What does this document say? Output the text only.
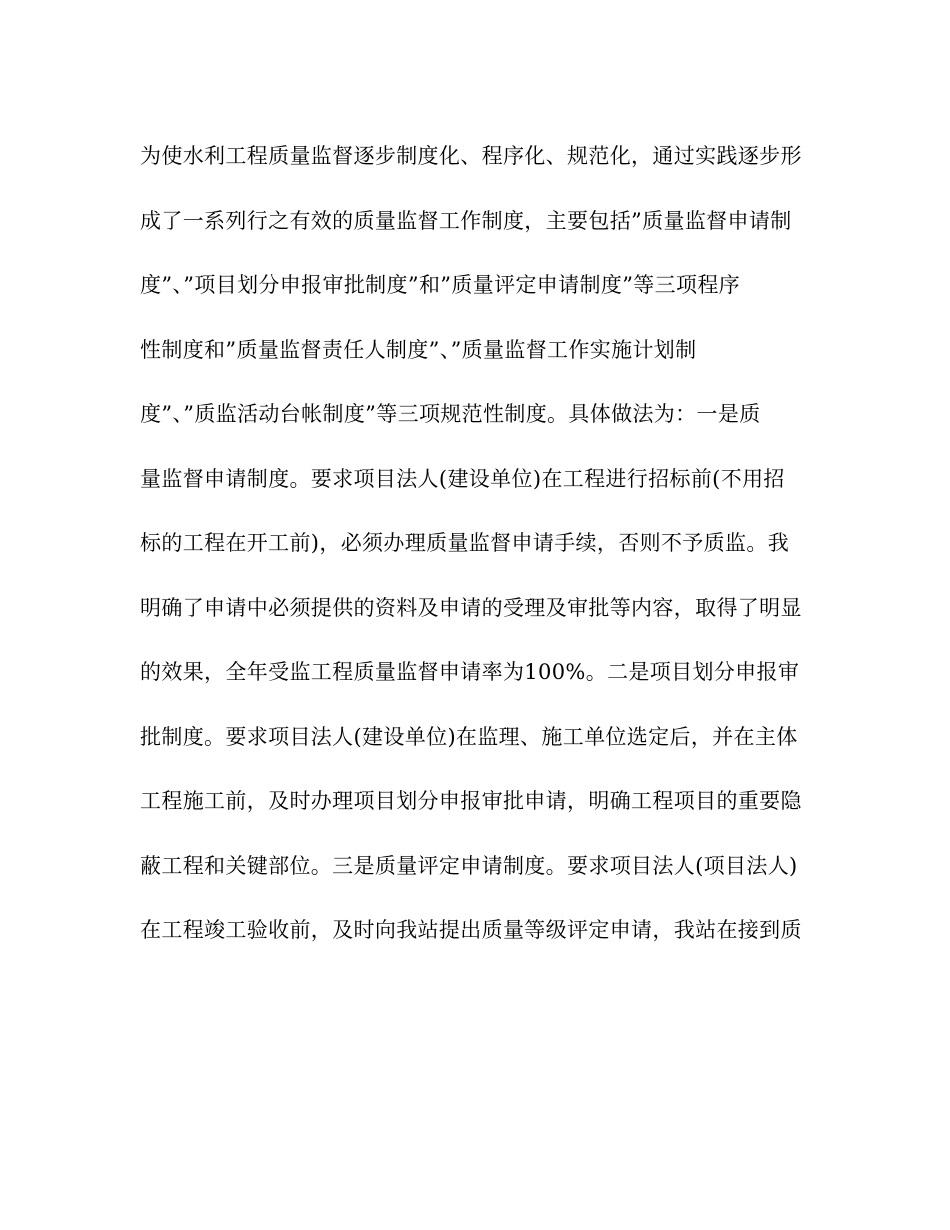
为使水利工程质量监督逐步制度化、程序化、规范化，通过实践逐步形
成了一系列行之有效的质量监督工作制度，主要包括”质量监督申请制
度”、”项目划分申报审批制度”和”质量评定申请制度”等三项程序
性制度和”质量监督责任人制度”、”质量监督工作实施计划制
度”、”质监活动台帐制度”等三项规范性制度。具体做法为：一是质
量监督申请制度。要求项目法人(建设单位)在工程进行招标前(不用招
标的工程在开工前)，必须办理质量监督申请手续，否则不予质监。我
明确了申请中必须提供的资料及申请的受理及审批等内容，取得了明显
的效果，全年受监工程质量监督申请率为100%。二是项目划分申报审
批制度。要求项目法人(建设单位)在监理、施工单位选定后，并在主体
工程施工前，及时办理项目划分申报审批申请，明确工程项目的重要隐
蔽工程和关键部位。三是质量评定申请制度。要求项目法人(项目法人)
在工程竣工验收前，及时向我站提出质量等级评定申请，我站在接到质
